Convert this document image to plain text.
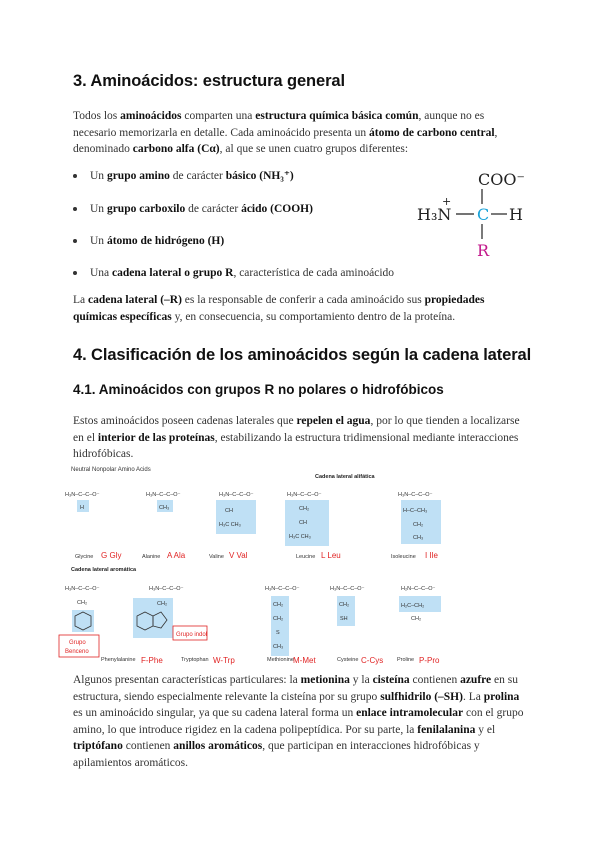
3. Aminoácidos: estructura general

Todos los aminoácidos comparten una estructura química básica común, aunque no es necesario memorizarla en detalle. Cada aminoácido presenta un átomo de carbono central, denominado carbono alfa (Cα), al que se unen cuatro grupos diferentes:

Un grupo amino de carácter básico (NH₃⁺)
Un grupo carboxilo de carácter ácido (COOH)
Un átomo de hidrógeno (H)
Una cadena lateral o grupo R, característica de cada aminoácido
COO⁻
H₃N
+
C H
R

La cadena lateral (–R) es la responsable de conferir a cada aminoácido sus propiedades químicas específicas y, en consecuencia, su comportamiento dentro de la proteína.

4. Clasificación de los aminoácidos según la cadena lateral
4.1. Aminoácidos con grupos R no polares o hidrofóbicos

Estos aminoácidos poseen cadenas laterales que repelen el agua, por lo que tienden a localizarse en el interior de las proteínas, estabilizando la estructura tridimensional mediante interacciones hidrofóbicas.

Algunos presentan características particulares: la metionina y la cisteína contienen azufre en su estructura, siendo especialmente relevante la cisteína por su grupo sulfhidrilo (–SH). La prolina es un aminoácido singular, ya que su cadena lateral forma un enlace intramolecular con el grupo amino, lo que introduce rigidez en la cadena polipeptídica. Por su parte, la fenilalanina y el triptófano contienen anillos aromáticos, que participan en interacciones hidrofóbicas y apilamientos aromáticos.

Neutral Nonpolar Amino Acids
Cadena lateral alifática
Cadena lateral aromática
H₃N–C–C–O⁻
H
H₃N–C–C–O⁻
CH₃
H₃N–C–C–O⁻
CH
H₃C CH₃
H₃N–C–C–O⁻
CH₂
CH
H₃C CH₃
H₃N–C–C–O⁻
H–C–CH₃
CH₂
CH₃
Glycine G Gly	Alanine A Ala	Valine V Val	Leucine L Leu	Isoleucine I Ile
H₃N–C–C–O⁻
CH₂
Grupo
Benceno
H₃N–C–C–O⁻
CH₂
Grupo indol
H₃N–C–C–O⁻
CH₂
CH₂
S
CH₃
H₃N–C–C–O⁻
CH₂
SH
H₂N–C–C–O⁻
H₂C–CH₂
CH₂
Phenylalanine F-Phe	Tryptophan W-Trp	Methionine M-Met	Cysteine C-Cys	Proline P-Pro
